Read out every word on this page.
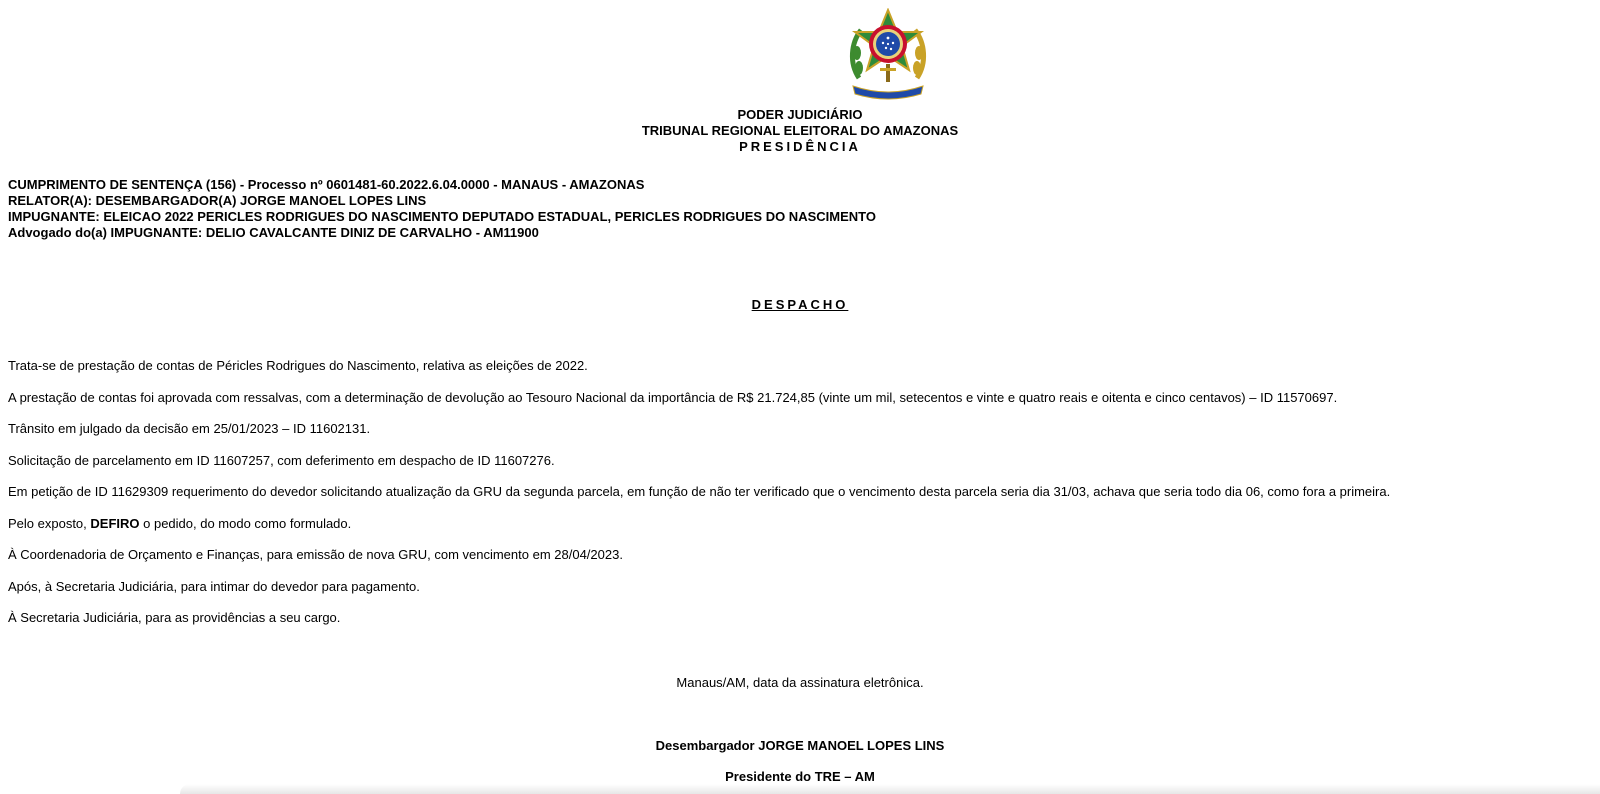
PODER JUDICIÁRIO
TRIBUNAL REGIONAL ELEITORAL DO AMAZONAS
PRESIDÊNCIA
CUMPRIMENTO DE SENTENÇA (156) - Processo nº 0601481-60.2022.6.04.0000 - MANAUS - AMAZONAS
RELATOR(A): DESEMBARGADOR(A) JORGE MANOEL LOPES LINS
IMPUGNANTE: ELEICAO 2022 PERICLES RODRIGUES DO NASCIMENTO DEPUTADO ESTADUAL, PERICLES RODRIGUES DO NASCIMENTO
Advogado do(a) IMPUGNANTE: DELIO CAVALCANTE DINIZ DE CARVALHO - AM11900
DESPACHO

Trata-se de prestação de contas de Péricles Rodrigues do Nascimento, relativa as eleições de 2022.

A prestação de contas foi aprovada com ressalvas, com a determinação de devolução ao Tesouro Nacional da importância de R$ 21.724,85 (vinte um mil, setecentos e vinte e quatro reais e oitenta e cinco centavos) – ID 11570697.

Trânsito em julgado da decisão em 25/01/2023 – ID 11602131.

Solicitação de parcelamento em ID 11607257, com deferimento em despacho de ID 11607276.

Em petição de ID 11629309 requerimento do devedor solicitando atualização da GRU da segunda parcela, em função de não ter verificado que o vencimento desta parcela seria dia 31/03, achava que seria todo dia 06, como fora a primeira.

Pelo exposto, DEFIRO o pedido, do modo como formulado.

À Coordenadoria de Orçamento e Finanças, para emissão de nova GRU, com vencimento em 28/04/2023.

Após, à Secretaria Judiciária, para intimar do devedor para pagamento.

À Secretaria Judiciária, para as providências a seu cargo.

Manaus/AM, data da assinatura eletrônica.
Desembargador JORGE MANOEL LOPES LINS
Presidente do TRE – AM
